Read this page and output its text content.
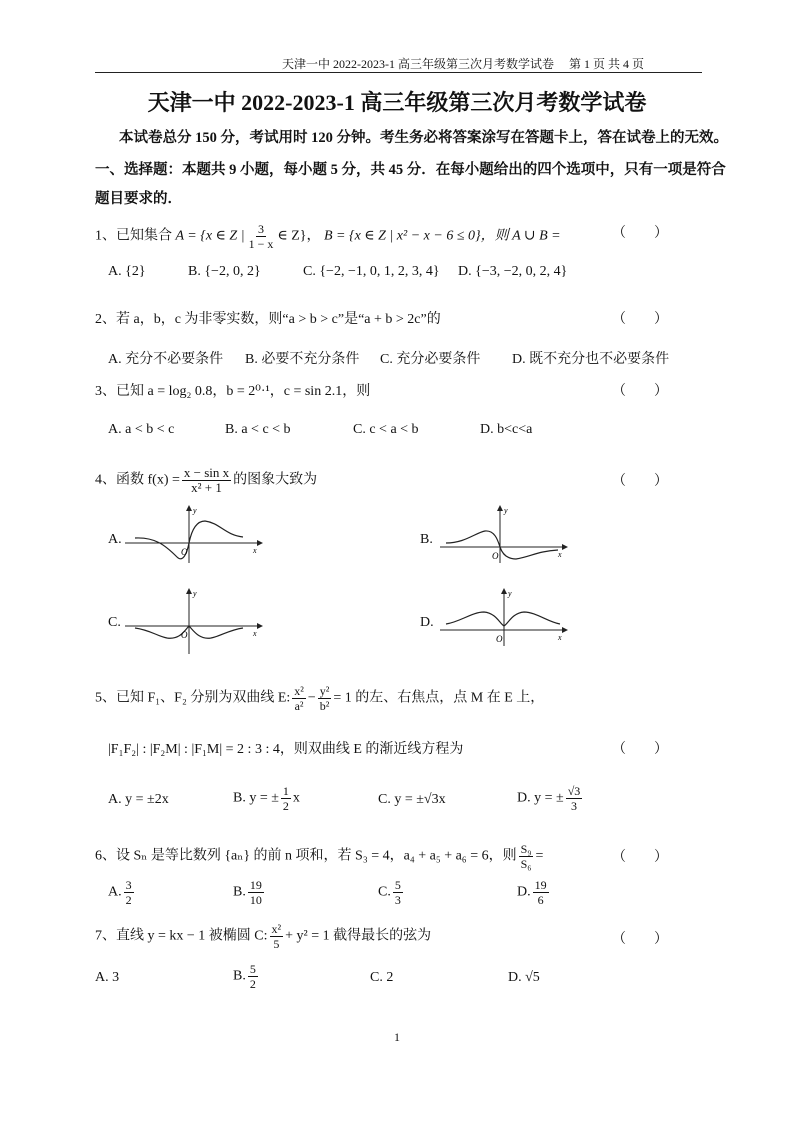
天津一中 2022-2023-1 高三年级第三次月考数学试卷　 第 1 页 共 4 页
天津一中 2022-2023-1 高三年级第三次月考数学试卷
本试卷总分 150 分，考试用时 120 分钟。考生务必将答案涂写在答题卡上，答在试卷上的无效。
一、选择题：本题共 9 小题，每小题 5 分，共 45 分．在每小题给出的四个选项中，只有一项是符合
题目要求的．
1、已知集合 A = {x ∈ Z | $\frac{3}{1 - x}$ ∈ Z}， B = {x ∈ Z | x² − x − 6 ≤ 0}，则 A ∪ B =	（　　）
A. {2}	B. {−2, 0, 2}	C. {−2, −1, 0, 1, 2, 3, 4} D. {−3, −2, 0, 2, 4}
2、若 a，b，c 为非零实数，则“a > b > c”是“a + b > 2c”的	（　　）
A. 充分不必要条件 B. 必要不充分条件 C. 充分必要条件 D. 既不充分也不必要条件
3、已知 a = log₂ 0.8，b = 2⁰·¹，c = sin 2.1，则	（　　）
A. a < b < c	B. a < c < b	C. c < a < b	D. b<c<a
4、函数 $f(x) = \frac{\text{x − sin x}}{\text{x² + 1}}$ 的图象大致为	（　　）
A.
O
y
x
B.
O
y
x
C.
O
y
x
D.
O
y
x
5、已知 F₁、F₂ 分别为双曲线 E: $\frac{\text{x²}}{\text{a²}} - \frac{\text{y²}}{\text{b²}} = 1$ 的左、右焦点，点 M 在 E 上，
|F₁F₂| : |F₂M| : |F₁M| = 2 : 3 : 4，则双曲线 E 的渐近线方程为	（　　）
A. y = ±2x	B. y = ± $\frac{1}{2}$ x	C. y = ±√3x	D. y = ± $\frac{√3}{3}$
6、设 Sₙ 是等比数列 {aₙ} 的前 n 项和，若 S₃ = 4，a₄ + a₅ + a₆ = 6，则 $\frac{\text{S₉}}{\text{S₆}}$ =	（　　）
A. $\frac{3}{2}$	B. $\frac{19}{10}$	C. $\frac{5}{3}$	D. $\frac{19}{6}$
7、直线 y = kx − 1 被椭圆 C: $\frac{\text{x²}}{5} + y^2 = 1$ 截得最长的弦为	（　　）
A. 3	B. $\frac{5}{2}$	C. 2	D. √5
1
